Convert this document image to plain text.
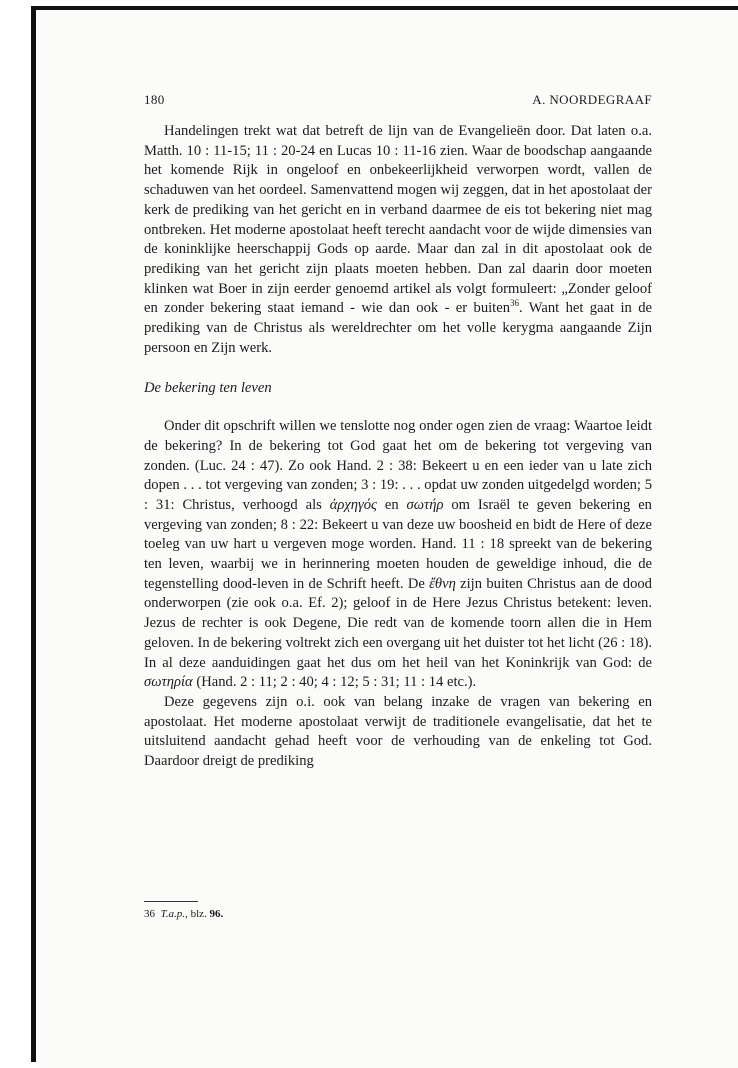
180	A. NOORDEGRAAF

Handelingen trekt wat dat betreft de lijn van de Evangelieën door. Dat laten o.a. Matth. 10 : 11-15; 11 : 20-24 en Lucas 10 : 11-16 zien. Waar de boodschap aangaande het komende Rijk in ongeloof en onbekeerlijkheid verworpen wordt, vallen de schaduwen van het oordeel. Samenvattend mogen wij zeggen, dat in het apostolaat der kerk de prediking van het gericht en in verband daarmee de eis tot bekering niet mag ontbreken. Het moderne apostolaat heeft terecht aandacht voor de wijde dimensies van de koninklijke heerschappij Gods op aarde. Maar dan zal in dit apostolaat ook de prediking van het gericht zijn plaats moeten hebben. Dan zal daarin door moeten klinken wat Boer in zijn eerder genoemd artikel als volgt formuleert: „Zonder geloof en zonder bekering staat iemand - wie dan ook - er buiten$^{36}$. Want het gaat in de prediking van de Christus als wereldrechter om het volle kerygma aangaande Zijn persoon en Zijn werk.

De bekering ten leven

Onder dit opschrift willen we tenslotte nog onder ogen zien de vraag: Waartoe leidt de bekering? In de bekering tot God gaat het om de bekering tot vergeving van zonden. (Luc. 24 : 47). Zo ook Hand. 2 : 38: Bekeert u en een ieder van u late zich dopen . . . tot vergeving van zonden; 3 : 19: . . . opdat uw zonden uitgedelgd worden; 5 : 31: Christus, verhoogd als ἀρχηγός en σωτήρ om Israël te geven bekering en vergeving van zonden; 8 : 22: Bekeert u van deze uw boosheid en bidt de Here of deze toeleg van uw hart u vergeven moge worden. Hand. 11 : 18 spreekt van de bekering ten leven, waarbij we in herinnering moeten houden de geweldige inhoud, die de tegenstelling dood-leven in de Schrift heeft. De ἔθνη zijn buiten Christus aan de dood onderworpen (zie ook o.a. Ef. 2); geloof in de Here Jezus Christus betekent: leven. Jezus de rechter is ook Degene, Die redt van de komende toorn allen die in Hem geloven. In de bekering voltrekt zich een overgang uit het duister tot het licht (26 : 18). In al deze aanduidingen gaat het dus om het heil van het Koninkrijk van God: de σωτηρία (Hand. 2 : 11; 2 : 40; 4 : 12; 5 : 31; 11 : 14 etc.).

Deze gegevens zijn o.i. ook van belang inzake de vragen van bekering en apostolaat. Het moderne apostolaat verwijt de traditionele evangelisatie, dat het te uitsluitend aandacht gehad heeft voor de verhouding van de enkeling tot God. Daardoor dreigt de prediking

36 T.a.p., blz. 96.
